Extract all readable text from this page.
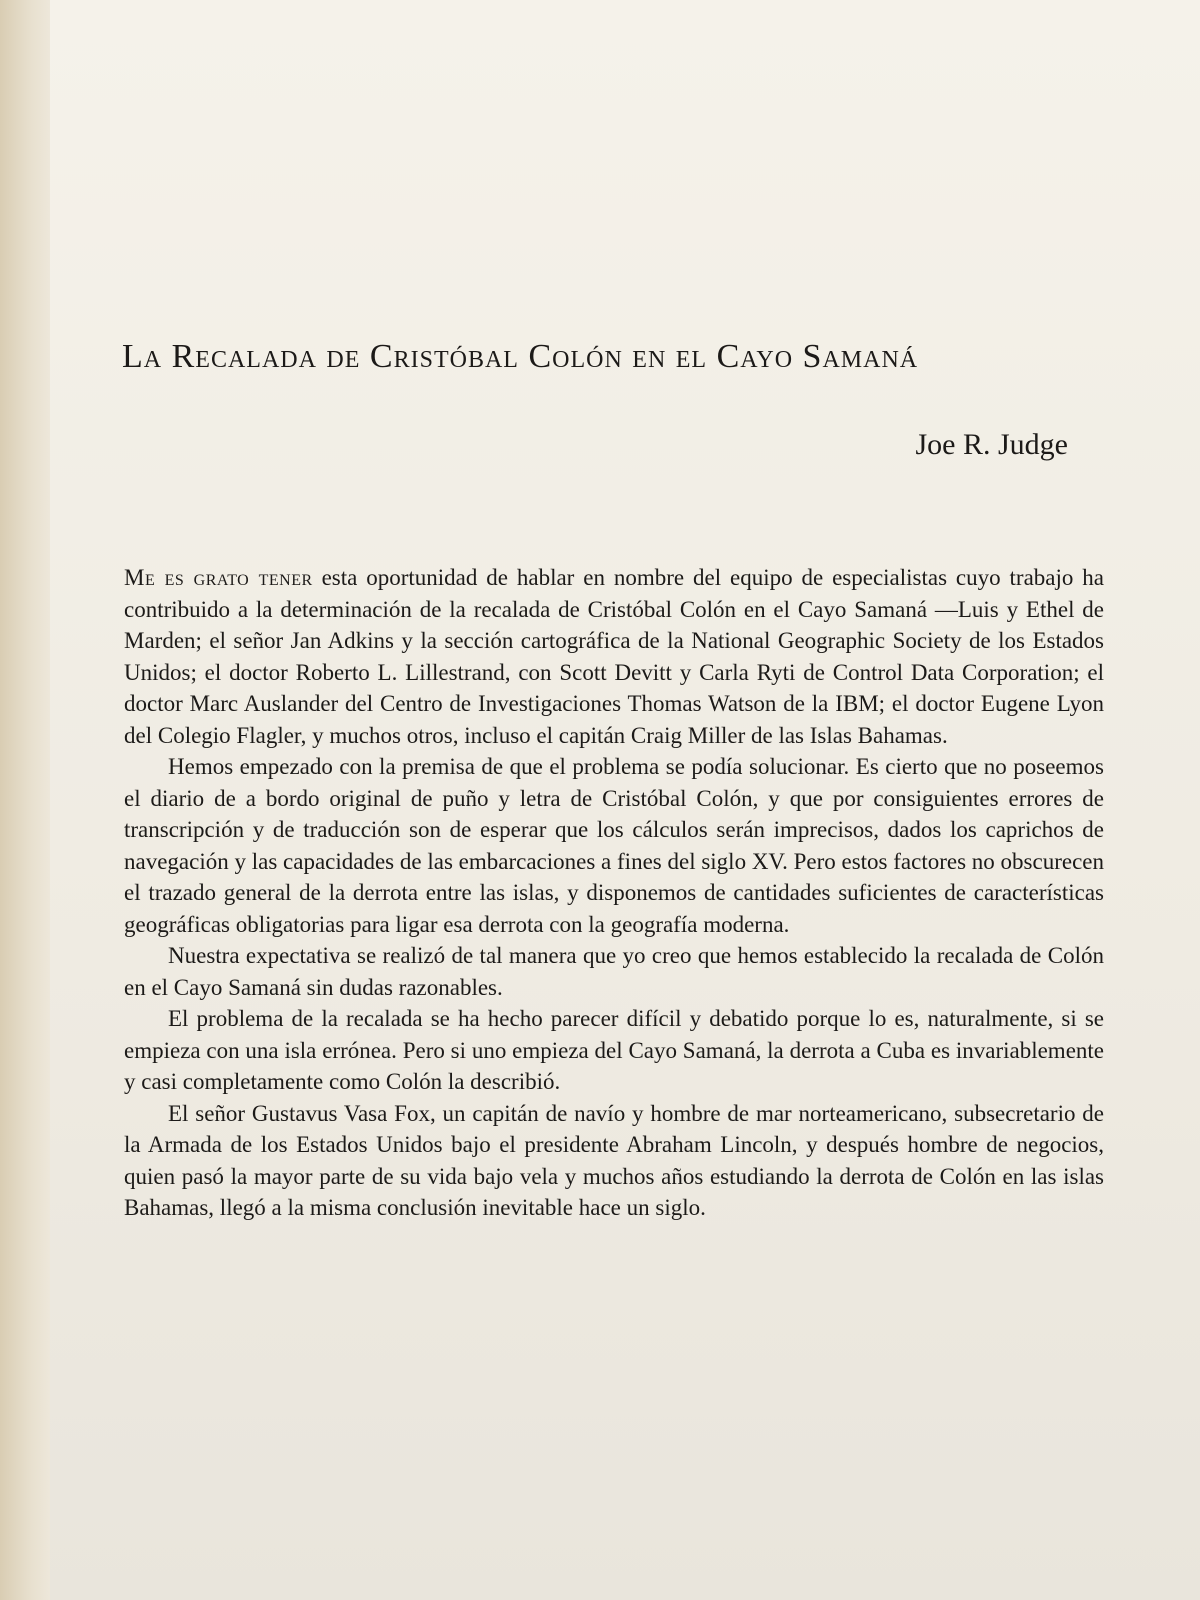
La Recalada de Cristóbal Colón en el Cayo Samaná

Joe R. Judge

Me es grato tener esta oportunidad de hablar en nombre del equipo de especialistas cuyo trabajo ha contribuido a la determinación de la recalada de Cristóbal Colón en el Cayo Samaná —Luis y Ethel de Marden; el señor Jan Adkins y la sección cartográfica de la National Geographic Society de los Estados Unidos; el doctor Roberto L. Lillestrand, con Scott Devitt y Carla Ryti de Control Data Corporation; el doctor Marc Auslander del Centro de Investigaciones Thomas Watson de la IBM; el doctor Eugene Lyon del Colegio Flagler, y muchos otros, incluso el capitán Craig Miller de las Islas Bahamas.

Hemos empezado con la premisa de que el problema se podía solucionar. Es cierto que no poseemos el diario de a bordo original de puño y letra de Cristóbal Colón, y que por consiguientes errores de transcripción y de traducción son de esperar que los cálculos serán imprecisos, dados los caprichos de navegación y las capacidades de las embarcaciones a fines del siglo XV. Pero estos factores no obscurecen el trazado general de la derrota entre las islas, y disponemos de cantidades suficientes de características geográficas obligatorias para ligar esa derrota con la geografía moderna.

Nuestra expectativa se realizó de tal manera que yo creo que hemos establecido la recalada de Colón en el Cayo Samaná sin dudas razonables.

El problema de la recalada se ha hecho parecer difícil y debatido porque lo es, naturalmente, si se empieza con una isla errónea. Pero si uno empieza del Cayo Samaná, la derrota a Cuba es invariablemente y casi completamente como Colón la describió.

El señor Gustavus Vasa Fox, un capitán de navío y hombre de mar norteamericano, subsecretario de la Armada de los Estados Unidos bajo el presidente Abraham Lincoln, y después hombre de negocios, quien pasó la mayor parte de su vida bajo vela y muchos años estudiando la derrota de Colón en las islas Bahamas, llegó a la misma conclusión inevitable hace un siglo.
